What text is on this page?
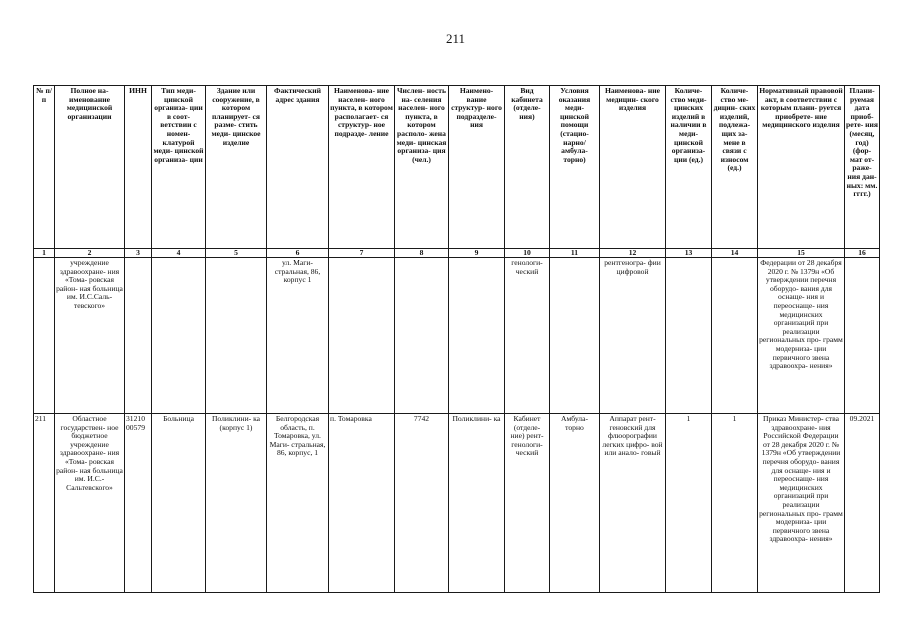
211
№ п/п	Полное на- именование медицинской организации	ИНН	Тип меди- цинской организа- ции в соот- ветствии с номен- клатурой меди- цинской организа- ции	Здание или сооружение, в котором планирует- ся размe- стить меди- цинское изделие	Фактический адрес здания	Наименова- ние населен- ного пункта, в котором располагает- ся структур- ное подразде- ление	Числен- ность на- селения населен- ного пункта, в котором располо- жена меди- цинская организа- ция (чел.)	Наимено- вание структур- ного подразделе- ния	Вид кабинета (отделе- ния)	Условия оказания меди- цинской помощи (стацио- нарно/ амбула- торно)	Наименова- ние медицин- ского изделия	Количе- ство меди- цинских изделий в наличии в меди- цинской организа- ции (ед.)	Количе- ство ме- дицин- ских изделий, подлежа- щих за- мене в связи с износом (ед.)	Нормативный правовой акт, в соответствии с которым плани- руется приобрете- ние медицинского изделия	Плани- руемая дата приоб- рете- ния (месяц, год) (фор- мат от- раже- ния дан- ных: мм. гггг.)
1	2	3	4	5	6	7	8	9	10	11	12	13	14	15	16
	учреждение здравоохране- ния «Тома- ровская район- ная больница им. И.С.Саль- тевского»				ул. Маги- стральная, 86, корпус 1				генологи- ческий		рентгеногра- фии цифровой			Федерации от 28 декабря 2020 г. № 1379н «Об утверждении перечня оборудо- вания для оснаще- ния и переоснаще- ния медицинских организаций при реализации региональных про- грамм модерниза- ции первичного звена здравоохра- нения»	
211	Областное государствен- ное бюджетное учреждение здравоохране- ния «Тома- ровская район- ная больница им. И.С.- Сальтевского»	31210 00579	Больница	Поликлини- ка (корпус 1)	Белгородская область, п. Томаровка, ул. Маги- стральная, 86, корпус, 1	п. Томаровка	7742	Поликлини- ка	Кабинет (отделе- ние) рент- генологи- ческий	Амбула- торно	Аппарат рент- геновский для флюорографии легких цифро- вой или анало- говый	1	1	Приказ Министер- ства здравоохране- ния Российской Федерации от 28 декабря 2020 г. № 1379н «Об утверждении перечня оборудо- вания для оснаще- ния и переоснаще- ния медицинских организаций при реализации региональных про- грамм модерниза- ции первичного звена здравоохра- нения»	09.2021
